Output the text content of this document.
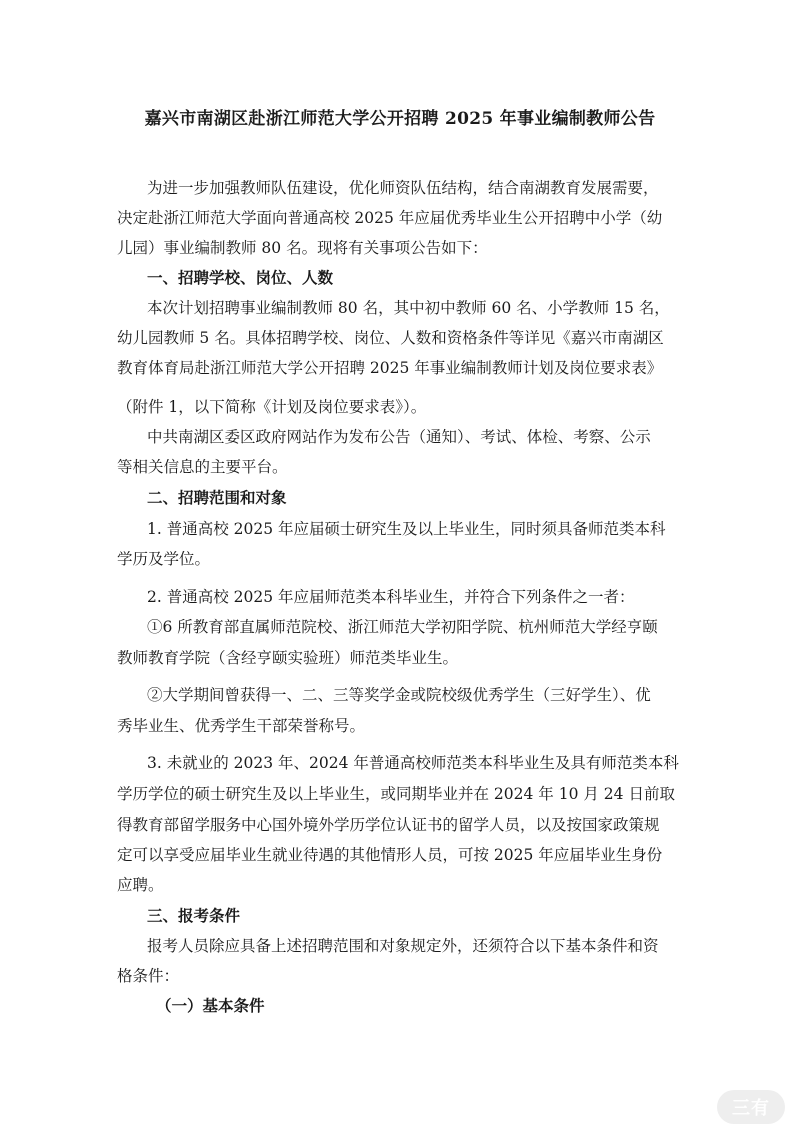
嘉兴市南湖区赴浙江师范大学公开招聘 2025 年事业编制教师公告
为进一步加强教师队伍建设，优化师资队伍结构，结合南湖教育发展需要，
决定赴浙江师范大学面向普通高校 2025 年应届优秀毕业生公开招聘中小学（幼
儿园）事业编制教师 80 名。现将有关事项公告如下：
一、招聘学校、岗位、人数
本次计划招聘事业编制教师 80 名，其中初中教师 60 名、小学教师 15 名，
幼儿园教师 5 名。具体招聘学校、岗位、人数和资格条件等详见《嘉兴市南湖区
教育体育局赴浙江师范大学公开招聘 2025 年事业编制教师计划及岗位要求表》
（附件 1，以下简称《计划及岗位要求表》）。
中共南湖区委区政府网站作为发布公告（通知）、考试、体检、考察、公示
等相关信息的主要平台。
二、招聘范围和对象
1. 普通高校 2025 年应届硕士研究生及以上毕业生，同时须具备师范类本科
学历及学位。
2. 普通高校 2025 年应届师范类本科毕业生，并符合下列条件之一者：
①6 所教育部直属师范院校、浙江师范大学初阳学院、杭州师范大学经亨颐
教师教育学院（含经亨颐实验班）师范类毕业生。
②大学期间曾获得一、二、三等奖学金或院校级优秀学生（三好学生）、优
秀毕业生、优秀学生干部荣誉称号。
3. 未就业的 2023 年、2024 年普通高校师范类本科毕业生及具有师范类本科
学历学位的硕士研究生及以上毕业生，或同期毕业并在 2024 年 10 月 24 日前取
得教育部留学服务中心国外境外学历学位认证书的留学人员，以及按国家政策规
定可以享受应届毕业生就业待遇的其他情形人员，可按 2025 年应届毕业生身份
应聘。
三、报考条件
报考人员除应具备上述招聘范围和对象规定外，还须符合以下基本条件和资
格条件：
（一）基本条件
三有
